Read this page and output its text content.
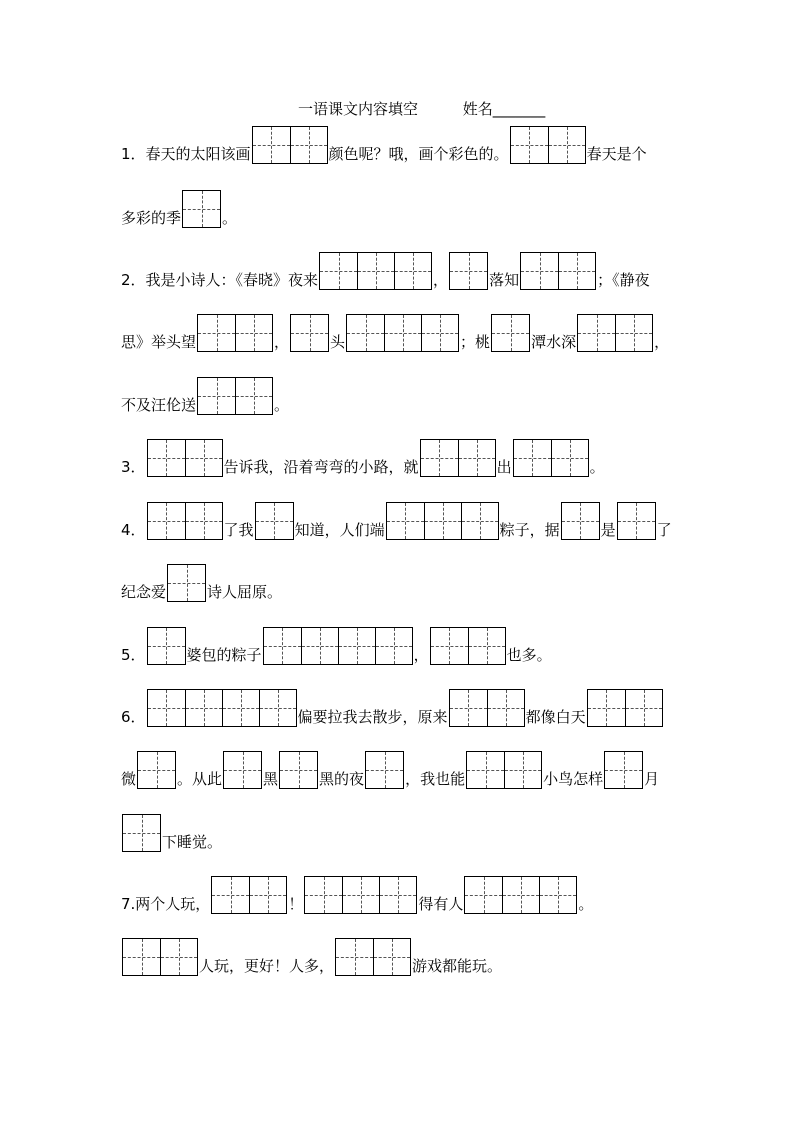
一语课文内容填空	姓名_______
1．春天的太阳该画	颜色呢？哦，画个彩色的。	春天是个
多彩的季	。
2．我是小诗人：《春晓》夜来	，	落知	；《静夜
思》举头望	，	头	；桃	潭水深	，
不及汪伦送	。
3．	告诉我，沿着弯弯的小路，就	出	。
4．	了我	知道，人们端	粽子，据	是	了
纪念爱	诗人屈原。
5．	婆包的粽子	，	也多。
6．	偏要拉我去散步，原来	都像白天
微	。从此	黑	黑的夜	，我也能	小鸟怎样	月
下睡觉。
7.两个人玩，	！	得有人	。
人玩，更好！人多，	游戏都能玩。
